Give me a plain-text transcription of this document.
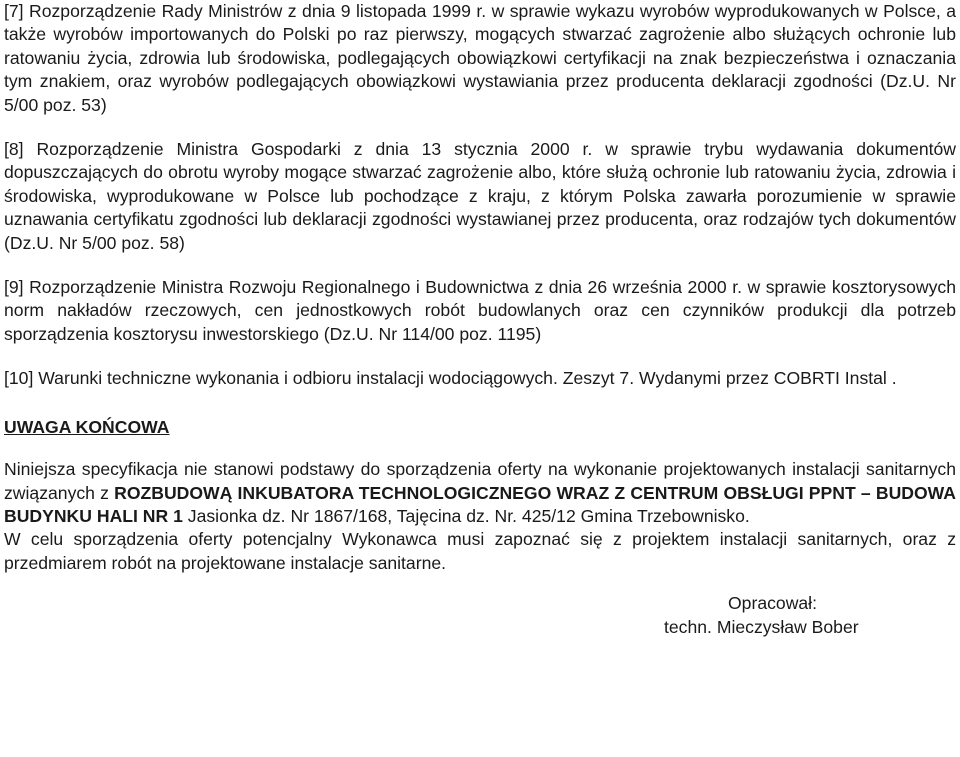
[7] Rozporządzenie Rady Ministrów z dnia 9 listopada 1999 r. w sprawie wykazu wyrobów wyprodukowanych w Polsce, a także wyrobów importowanych do Polski po raz pierwszy, mogących stwarzać zagrożenie albo służących ochronie lub ratowaniu życia, zdrowia lub środowiska, podlegających obowiązkowi certyfikacji na znak bezpieczeństwa i oznaczania tym znakiem, oraz wyrobów podlegających obowiązkowi wystawiania przez producenta deklaracji zgodności (Dz.U. Nr 5/00 poz. 53)

[8] Rozporządzenie Ministra Gospodarki z dnia 13 stycznia 2000 r. w sprawie trybu wydawania dokumentów dopuszczających do obrotu wyroby mogące stwarzać zagrożenie albo, które służą ochronie lub ratowaniu życia, zdrowia i środowiska, wyprodukowane w Polsce lub pochodzące z kraju, z którym Polska zawarła porozumienie w sprawie uznawania certyfikatu zgodności lub deklaracji zgodności wystawianej przez producenta, oraz rodzajów tych dokumentów (Dz.U. Nr 5/00 poz. 58)

[9] Rozporządzenie Ministra Rozwoju Regionalnego i Budownictwa z dnia 26 września 2000 r. w sprawie kosztorysowych norm nakładów rzeczowych, cen jednostkowych robót budowlanych oraz cen czynników produkcji dla potrzeb sporządzenia kosztorysu inwestorskiego (Dz.U. Nr 114/00 poz. 1195)

[10] Warunki techniczne wykonania i odbioru instalacji wodociągowych. Zeszyt 7. Wydanymi przez COBRTI Instal .

UWAGA KOŃCOWA

Niniejsza specyfikacja nie stanowi podstawy do sporządzenia oferty na wykonanie projektowanych instalacji sanitarnych związanych z ROZBUDOWĄ INKUBATORA TECHNOLOGICZNEGO WRAZ Z CENTRUM OBSŁUGI PPNT – BUDOWA BUDYNKU HALI NR 1 Jasionka dz. Nr 1867/168, Tajęcina dz. Nr. 425/12 Gmina Trzebownisko.

W celu sporządzenia oferty potencjalny Wykonawca musi zapoznać się z projektem instalacji sanitarnych, oraz z przedmiarem robót na projektowane instalacje sanitarne.

Opracował:
techn. Mieczysław Bober
